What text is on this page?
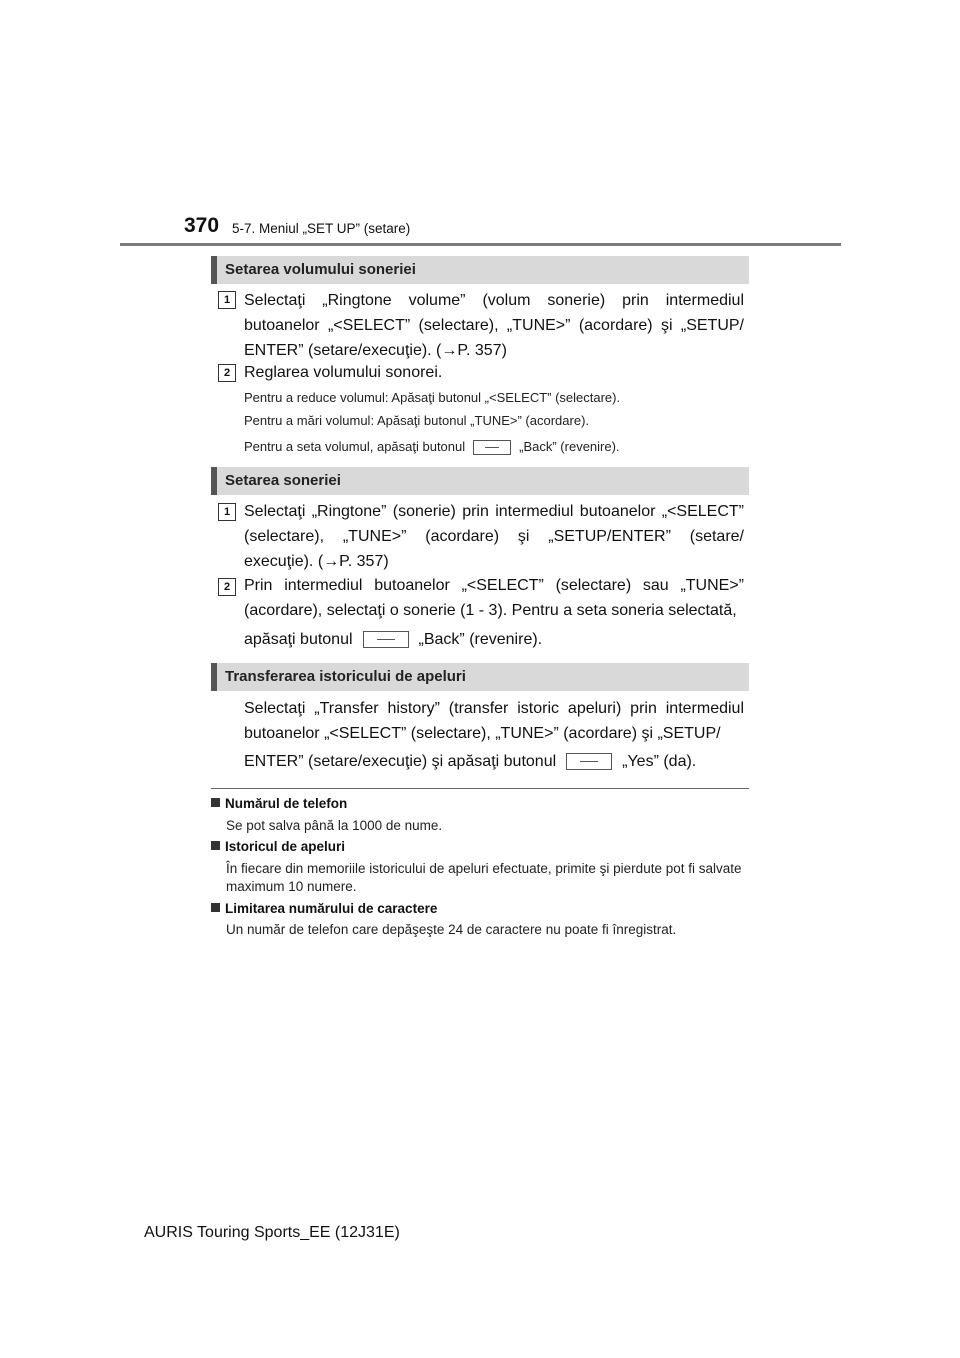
370 5-7. Meniul „SET UP” (setare)
Setarea volumului soneriei
1 Selectaţi „Ringtone volume” (volum sonerie) prin intermediul butoanelor „<SELECT” (selectare), „TUNE>” (acordare) şi „SETUP/ ENTER” (setare/execuţie). (→P. 357)
2 Reglarea volumului sonorei.
Pentru a reduce volumul: Apăsaţi butonul „<SELECT” (selectare).
Pentru a mări volumul: Apăsaţi butonul „TUNE>” (acordare).
Pentru a seta volumul, apăsaţi butonul	„Back” (revenire).
Setarea soneriei
1 Selectaţi „Ringtone” (sonerie) prin intermediul butoanelor „<SELECT” (selectare), „TUNE>” (acordare) şi „SETUP/ENTER” (setare/ execuţie). (→P. 357)
2 Prin intermediul butoanelor „<SELECT” (selectare) sau „TUNE>” (acordare), selectaţi o sonerie (1 - 3). Pentru a seta soneria selectată,
apăsaţi butonul	„Back” (revenire).
Transferarea istoricului de apeluri
Selectaţi „Transfer history” (transfer istoric apeluri) prin intermediul butoanelor „<SELECT” (selectare), „TUNE>” (acordare) şi „SETUP/
ENTER” (setare/execuţie) şi apăsaţi butonul	„Yes” (da).
Numărul de telefon
Se pot salva până la 1000 de nume.
Istoricul de apeluri
În fiecare din memoriile istoricului de apeluri efectuate, primite şi pierdute pot fi salvate maximum 10 numere.
Limitarea numărului de caractere
Un număr de telefon care depăşeşte 24 de caractere nu poate fi înregistrat.
AURIS Touring Sports_EE (12J31E)
